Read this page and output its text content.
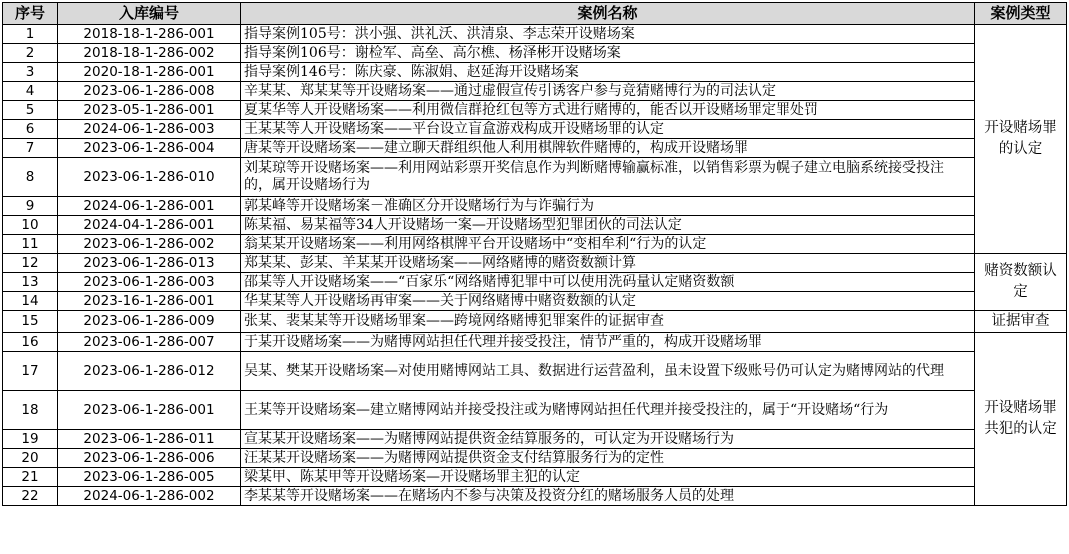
序号	入库编号	案例名称	案例类型
1	2018-18-1-286-001	指导案例105号：洪小强、洪礼沃、洪清泉、李志荣开设赌场案	开设赌场罪的认定
2	2018-18-1-286-002	指导案例106号：谢检军、高垒、高尔樵、杨泽彬开设赌场案	
3	2020-18-1-286-001	指导案例146号：陈庆豪、陈淑娟、赵延海开设赌场案	
4	2023-06-1-286-008	辛某某、郑某某等开设赌场案——通过虚假宣传引诱客户参与竞猜赌博行为的司法认定	
5	2023-05-1-286-001	夏某华等人开设赌场案——利用微信群抢红包等方式进行赌博的，能否以开设赌场罪定罪处罚	
6	2024-06-1-286-003	王某某等人开设赌场案——平台设立盲盒游戏构成开设赌场罪的认定	
7	2023-06-1-286-004	唐某等开设赌场案——建立聊天群组织他人利用棋牌软件赌博的，构成开设赌场罪	
8	2023-06-1-286-010	刘某琼等开设赌场案——利用网站彩票开奖信息作为判断赌博输赢标准，以销售彩票为幌子建立电脑系统接受投注的，属开设赌场行为	
9	2024-06-1-286-001	郭某峰等开设赌场案－准确区分开设赌场行为与诈骗行为	
10	2024-04-1-286-001	陈某福、易某福等34人开设赌场一案—开设赌场型犯罪团伙的司法认定	
11	2023-06-1-286-002	翁某某开设赌场案——利用网络棋牌平台开设赌场中“变相牟利“行为的认定	
12	2023-06-1-286-013	郑某某、彭某、羊某某开设赌场案——网络赌博的赌资数额计算	赌资数额认定
13	2023-06-1-286-003	邵某等人开设赌场案——“百家乐“网络赌博犯罪中可以使用洗码量认定赌资数额	
14	2023-16-1-286-001	华某某等人开设赌场再审案——关于网络赌博中赌资数额的认定	
15	2023-06-1-286-009	张某、裴某某等开设赌场罪案——跨境网络赌博犯罪案件的证据审查	证据审查
16	2023-06-1-286-007	于某开设赌场案——为赌博网站担任代理并接受投注，情节严重的，构成开设赌场罪	开设赌场罪共犯的认定
17	2023-06-1-286-012	吴某、樊某开设赌场案—对使用赌博网站工具、数据进行运营盈利，虽未设置下级账号仍可认定为赌博网站的代理	
18	2023-06-1-286-001	王某等开设赌场案—建立赌博网站并接受投注或为赌博网站担任代理并接受投注的，属于“开设赌场“行为	
19	2023-06-1-286-011	宣某某开设赌场案——为赌博网站提供资金结算服务的，可认定为开设赌场行为	
20	2023-06-1-286-006	汪某某开设赌场案——为赌博网站提供资金支付结算服务行为的定性	
21	2023-06-1-286-005	梁某甲、陈某甲等开设赌场案—开设赌场罪主犯的认定	
22	2024-06-1-286-002	李某某等开设赌场案——在赌场内不参与决策及投资分红的赌场服务人员的处理	
